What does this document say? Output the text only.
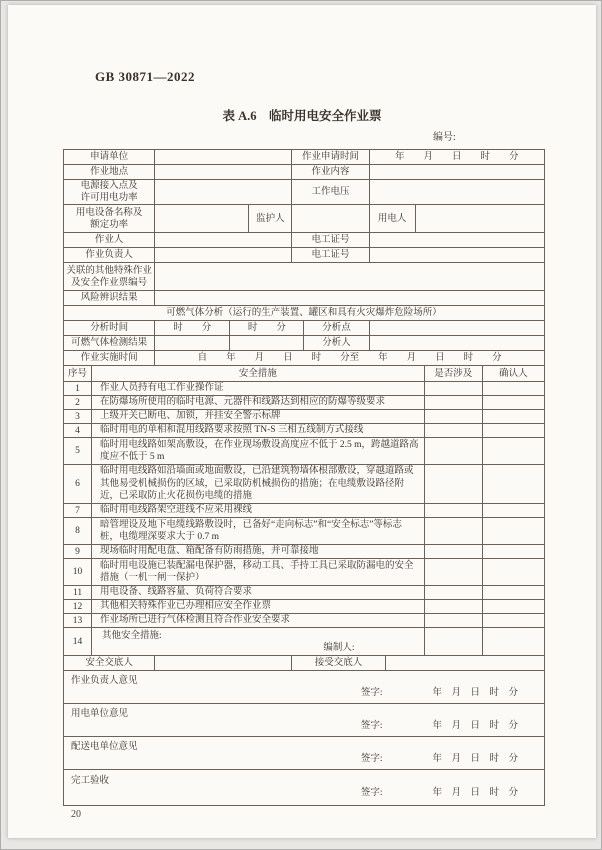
GB 30871—2022
表 A.6　临时用电安全作业票
编号:
申请单位					作业申请时间		年　　月　　日　　时　　分				
作业地点					作业内容						

电源接入点及
许可用电功率					工作电压						

用电设备名称及
额定功率				监护人			用电人				
作业人					电工证号						
作业负责人					电工证号						

关联的其他特殊作业
及安全作业票编号											

风险辨识结果											
可燃气体分析（运行的生产装置、罐区和具有火灾爆炸危险场所）											
分析时间		时　　分	时　　分			分析点					
可燃气体检测结果						分析人					
作业实施时间		自　　年　　月　　日　　时　　分至　　年　　月　　日　　时　　分									
序号	安全措施									是否涉及	确认人
1	作业人员持有电工作业操作证										
2	在防爆场所使用的临时电源、元器件和线路达到相应的防爆等级要求										
3	上级开关已断电、加锁，并挂安全警示标牌										
4	临时用电的单相和混用线路要求按照 TN-S 三相五线制方式接线										
5	临时用电线路如架高敷设，在作业现场敷设高度应不低于 2.5 m，跨越道路高度应不低于 5 m										
6	临时用电线路如沿墙面或地面敷设，已沿建筑物墙体根部敷设，穿越道路或其他易受机械损伤的区域，已采取防机械损伤的措施；在电缆敷设路径附近，已采取防止火花损伤电缆的措施										
7	临时用电线路架空进线不应采用裸线										
8	暗管埋设及地下电缆线路敷设时，已备好“走向标志”和“安全标志”等标志桩，电缆埋深要求大于 0.7 m										
9	现场临时用配电盘、箱配备有防雨措施，并可靠接地										
10	临时用电设施已装配漏电保护器，移动工具、手持工具已采取防漏电的安全措施（一机一闸一保护）										
11	用电设备、线路容量、负荷符合要求										
12	其他相关特殊作业已办理相应安全作业票										
13	作业场所已进行气体检测且符合作业安全要求										
14	其他安全措施:
编制人:										

安全交底人					接受交底人						

作业负责人意见
签字: 年　月　日　时　分											

用电单位意见
签字: 年　月　日　时　分											

配送电单位意见
签字: 年　月　日　时　分											

完工验收
签字: 年　月　日　时　分											
20
